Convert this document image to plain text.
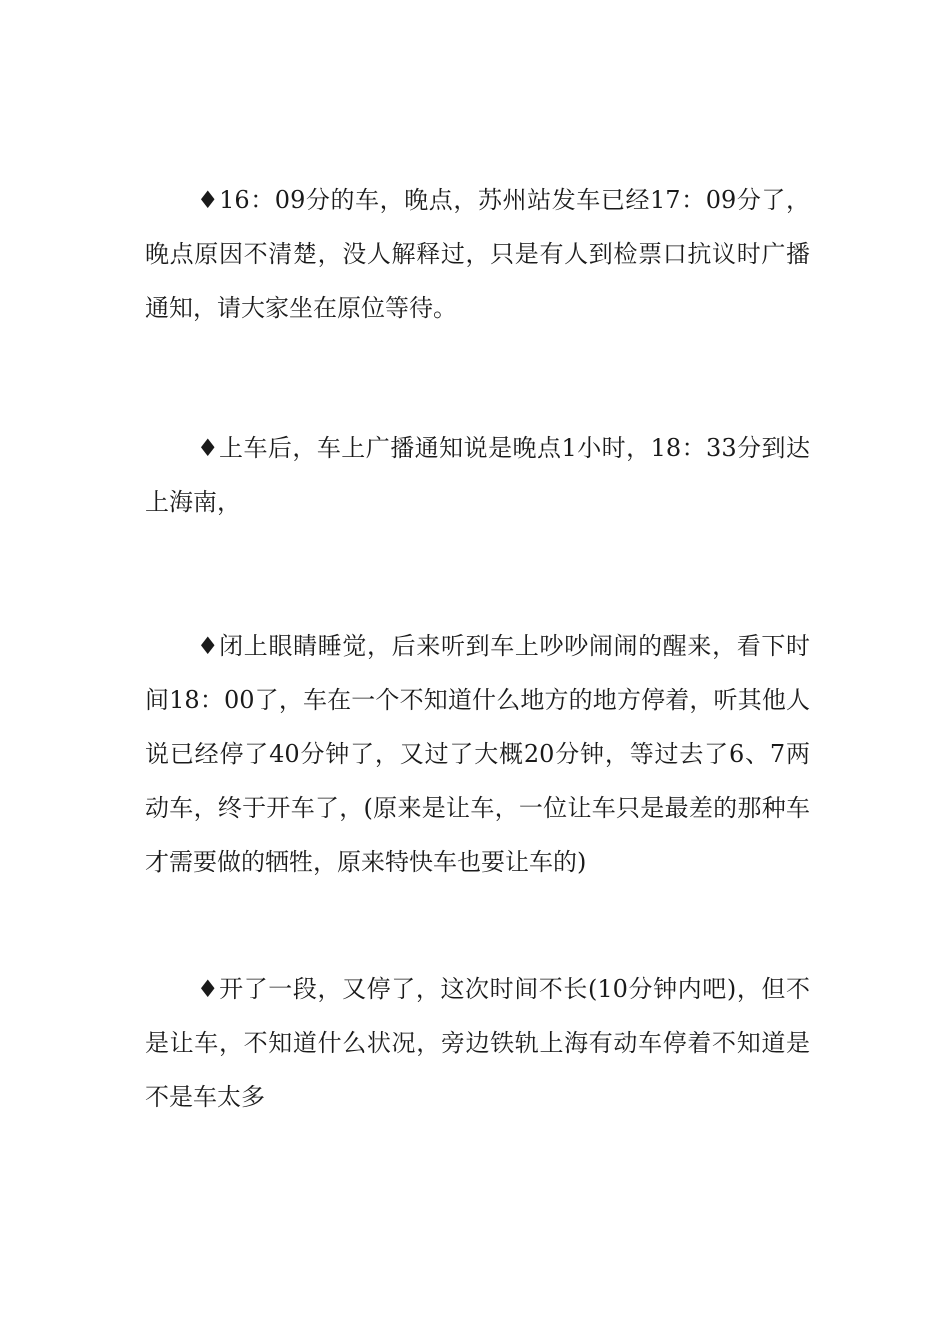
♦16：09分的车，晚点，苏州站发车已经17：09分了，晚点原因不清楚，没人解释过，只是有人到检票口抗议时广播通知，请大家坐在原位等待。

♦上车后，车上广播通知说是晚点1小时，18：33分到达上海南，

♦闭上眼睛睡觉，后来听到车上吵吵闹闹的醒来，看下时间18：00了，车在一个不知道什么地方的地方停着，听其他人说已经停了40分钟了，又过了大概20分钟，等过去了6、7两动车，终于开车了，(原来是让车，一位让车只是最差的那种车才需要做的牺牲，原来特快车也要让车的)

♦开了一段，又停了，这次时间不长(10分钟内吧)，但不是让车，不知道什么状况，旁边铁轨上海有动车停着不知道是不是车太多
